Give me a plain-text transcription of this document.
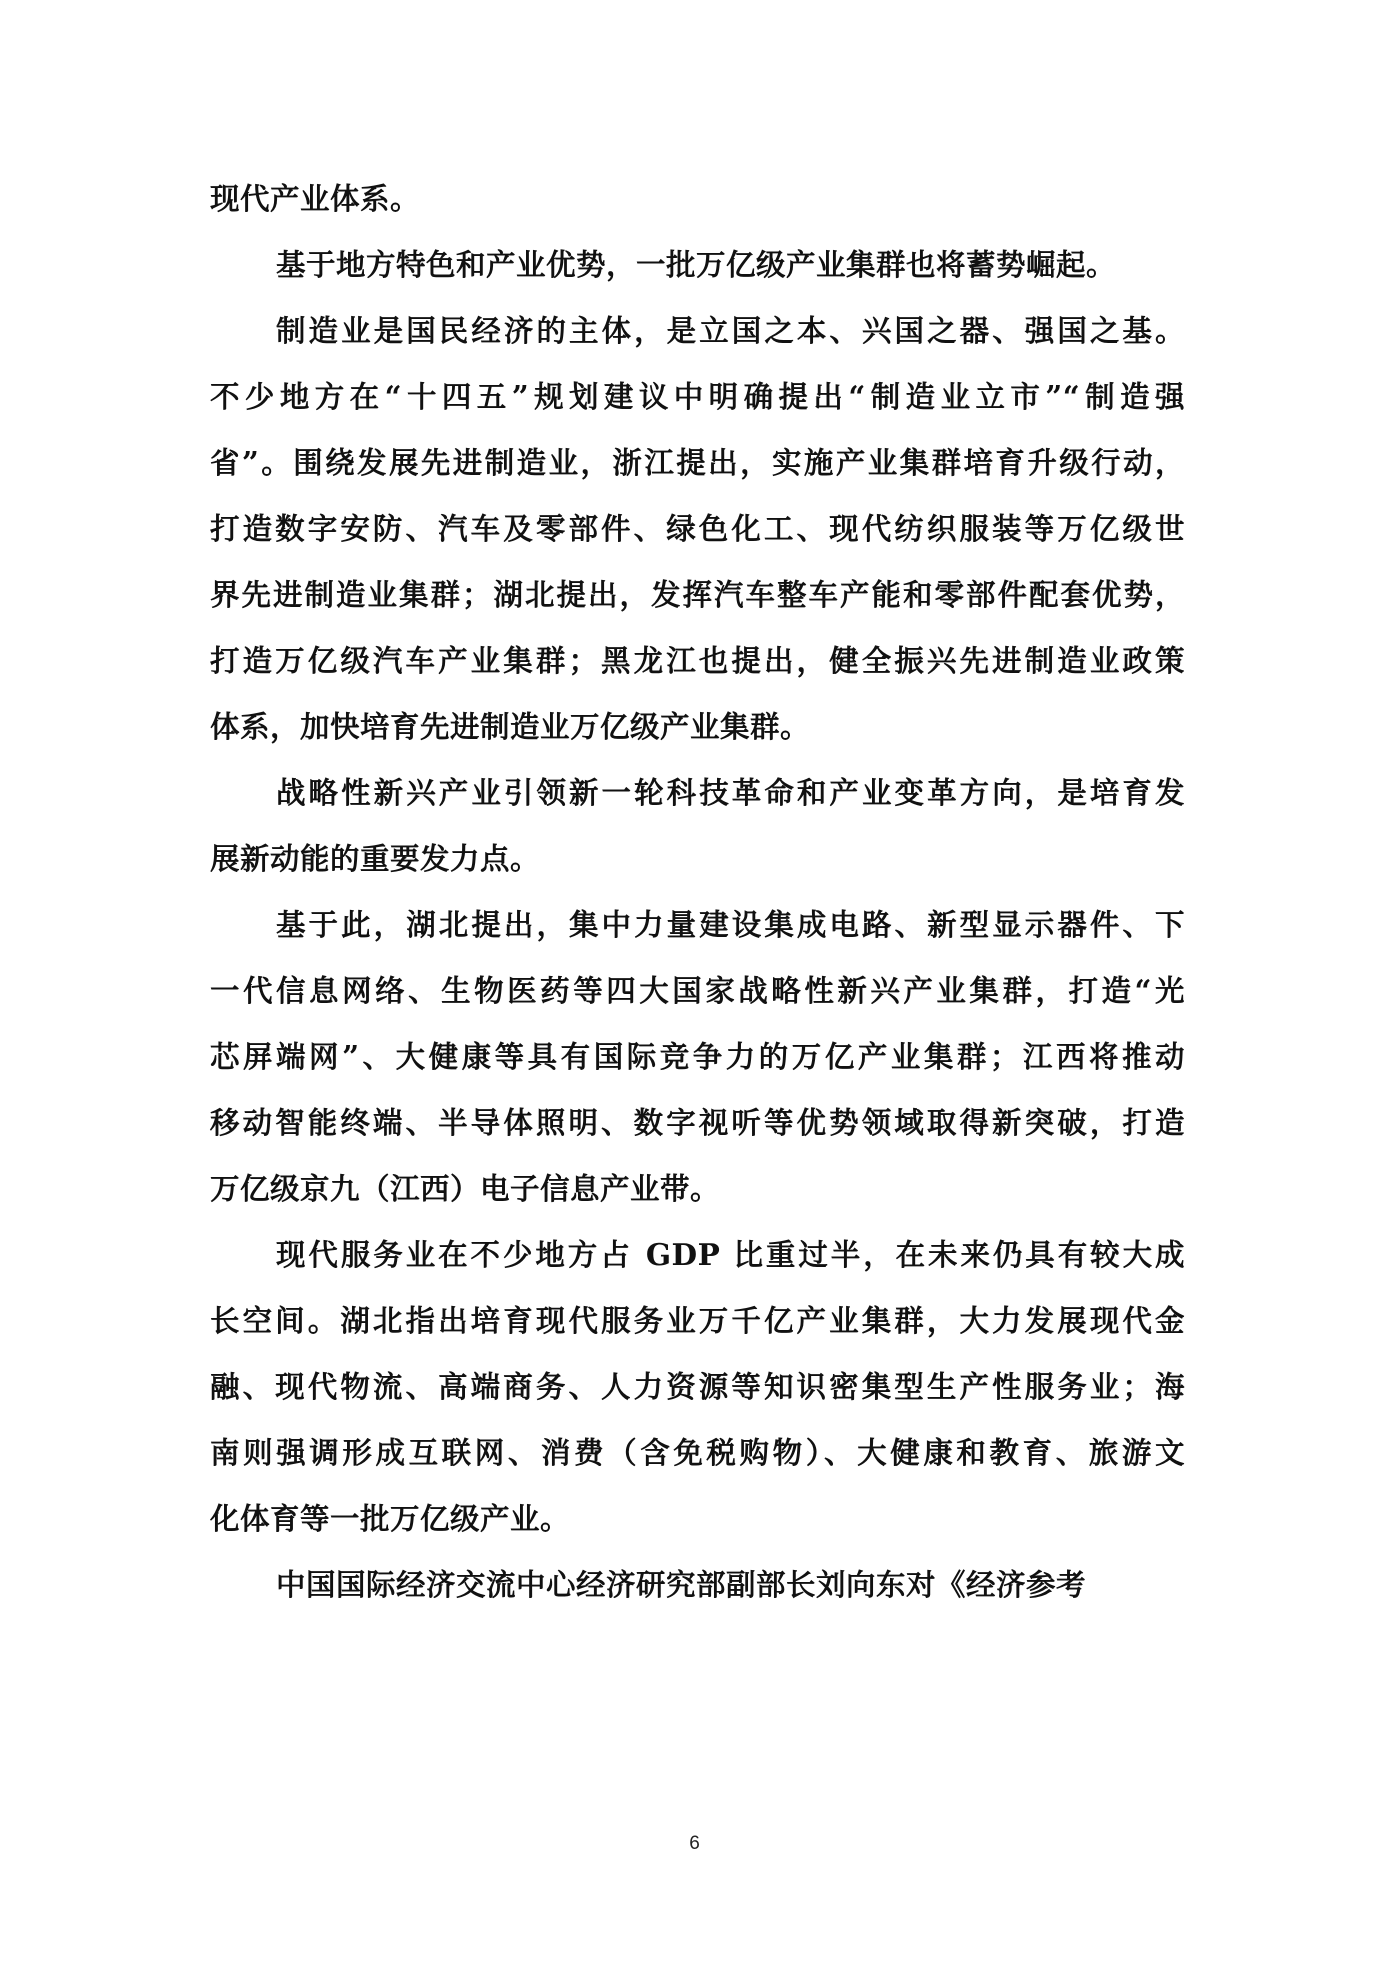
现代产业体系。
基于地方特色和产业优势，一批万亿级产业集群也将蓄势崛起。
制造业是国民经济的主体，是立国之本、兴国之器、强国之基。
不少地方在“十四五”规划建议中明确提出“制造业立市”“制造强
省”。围绕发展先进制造业，浙江提出，实施产业集群培育升级行动，
打造数字安防、汽车及零部件、绿色化工、现代纺织服装等万亿级世
界先进制造业集群；湖北提出，发挥汽车整车产能和零部件配套优势，
打造万亿级汽车产业集群；黑龙江也提出，健全振兴先进制造业政策
体系，加快培育先进制造业万亿级产业集群。
战略性新兴产业引领新一轮科技革命和产业变革方向，是培育发
展新动能的重要发力点。
基于此，湖北提出，集中力量建设集成电路、新型显示器件、下
一代信息网络、生物医药等四大国家战略性新兴产业集群，打造“光
芯屏端网”、大健康等具有国际竞争力的万亿产业集群；江西将推动
移动智能终端、半导体照明、数字视听等优势领域取得新突破，打造
万亿级京九（江西）电子信息产业带。
现代服务业在不少地方占 GDP 比重过半，在未来仍具有较大成
长空间。湖北指出培育现代服务业万千亿产业集群，大力发展现代金
融、现代物流、高端商务、人力资源等知识密集型生产性服务业；海
南则强调形成互联网、消费（含免税购物）、大健康和教育、旅游文
化体育等一批万亿级产业。
中国国际经济交流中心经济研究部副部长刘向东对《经济参考
6
